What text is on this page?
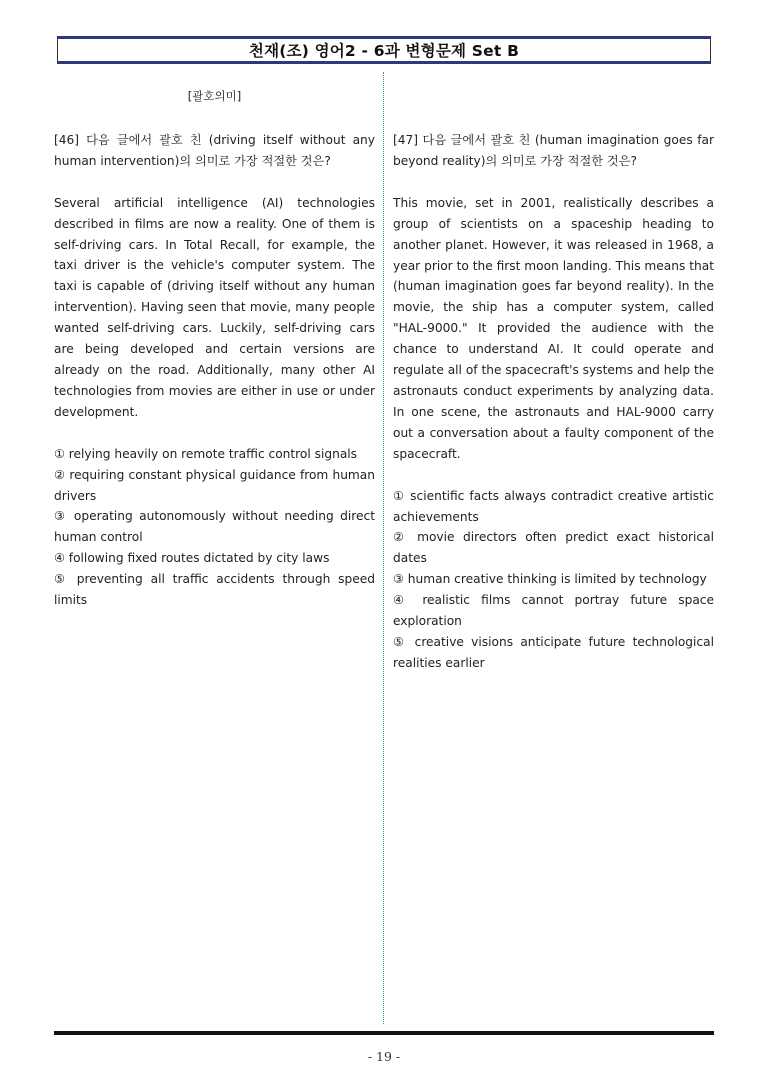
천재(조) 영어2 - 6과 변형문제 Set B
[괄호의미]

[46] 다음 글에서 괄호 친 (driving itself without any human intervention)의 의미로 가장 적절한 것은?

Several artificial intelligence (AI) technologies described in films are now a reality. One of them is self-driving cars. In Total Recall, for example, the taxi driver is the vehicle's computer system. The taxi is capable of (driving itself without any human intervention). Having seen that movie, many people wanted self-driving cars. Luckily, self-driving cars are being developed and certain versions are already on the road. Additionally, many other AI technologies from movies are either in use or under development.

① relying heavily on remote traffic control signals

② requiring constant physical guidance from human drivers

③ operating autonomously without needing direct human control

④ following fixed routes dictated by city laws

⑤ preventing all traffic accidents through speed limits

[47] 다음 글에서 괄호 친 (human imagination goes far beyond reality)의 의미로 가장 적절한 것은?

This movie, set in 2001, realistically describes a group of scientists on a spaceship heading to another planet. However, it was released in 1968, a year prior to the first moon landing. This means that (human imagination goes far beyond reality). In the movie, the ship has a computer system, called "HAL-9000." It provided the audience with the chance to understand AI. It could operate and regulate all of the spacecraft's systems and help the astronauts conduct experiments by analyzing data. In one scene, the astronauts and HAL-9000 carry out a conversation about a faulty component of the spacecraft.

① scientific facts always contradict creative artistic achievements

② movie directors often predict exact historical dates

③ human creative thinking is limited by technology

④ realistic films cannot portray future space exploration

⑤ creative visions anticipate future technological realities earlier

- 19 -
